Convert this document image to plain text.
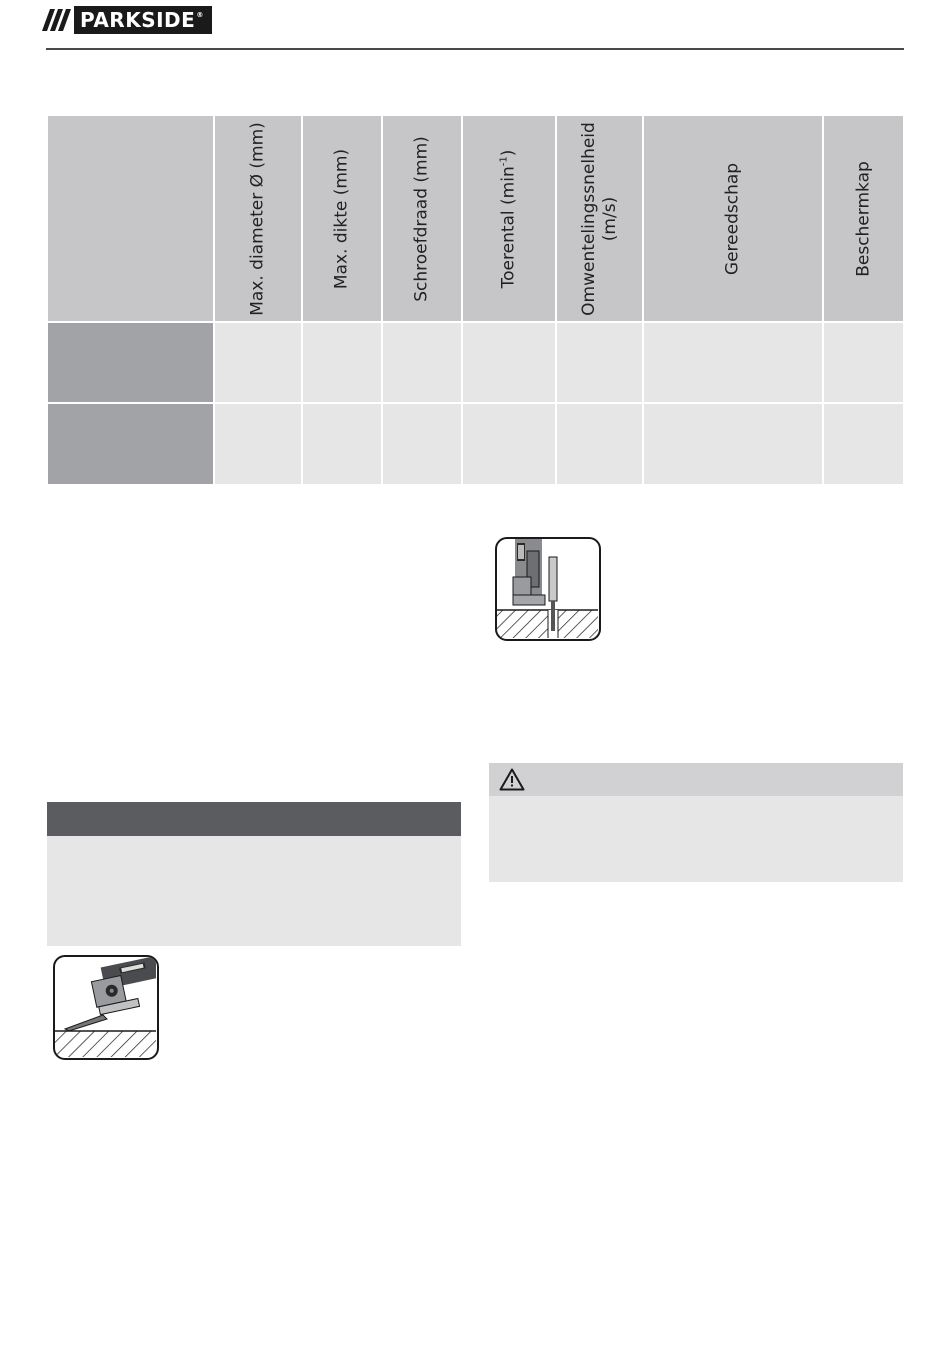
PARKSIDE®
Max. diameter Ø (mm)	Max. dikte (mm)	Schroefdraad (mm)	Toerental $(\min^{-1})$	Omwentelingssnelheid (m/s)	Gereedschap	Beschermkap
